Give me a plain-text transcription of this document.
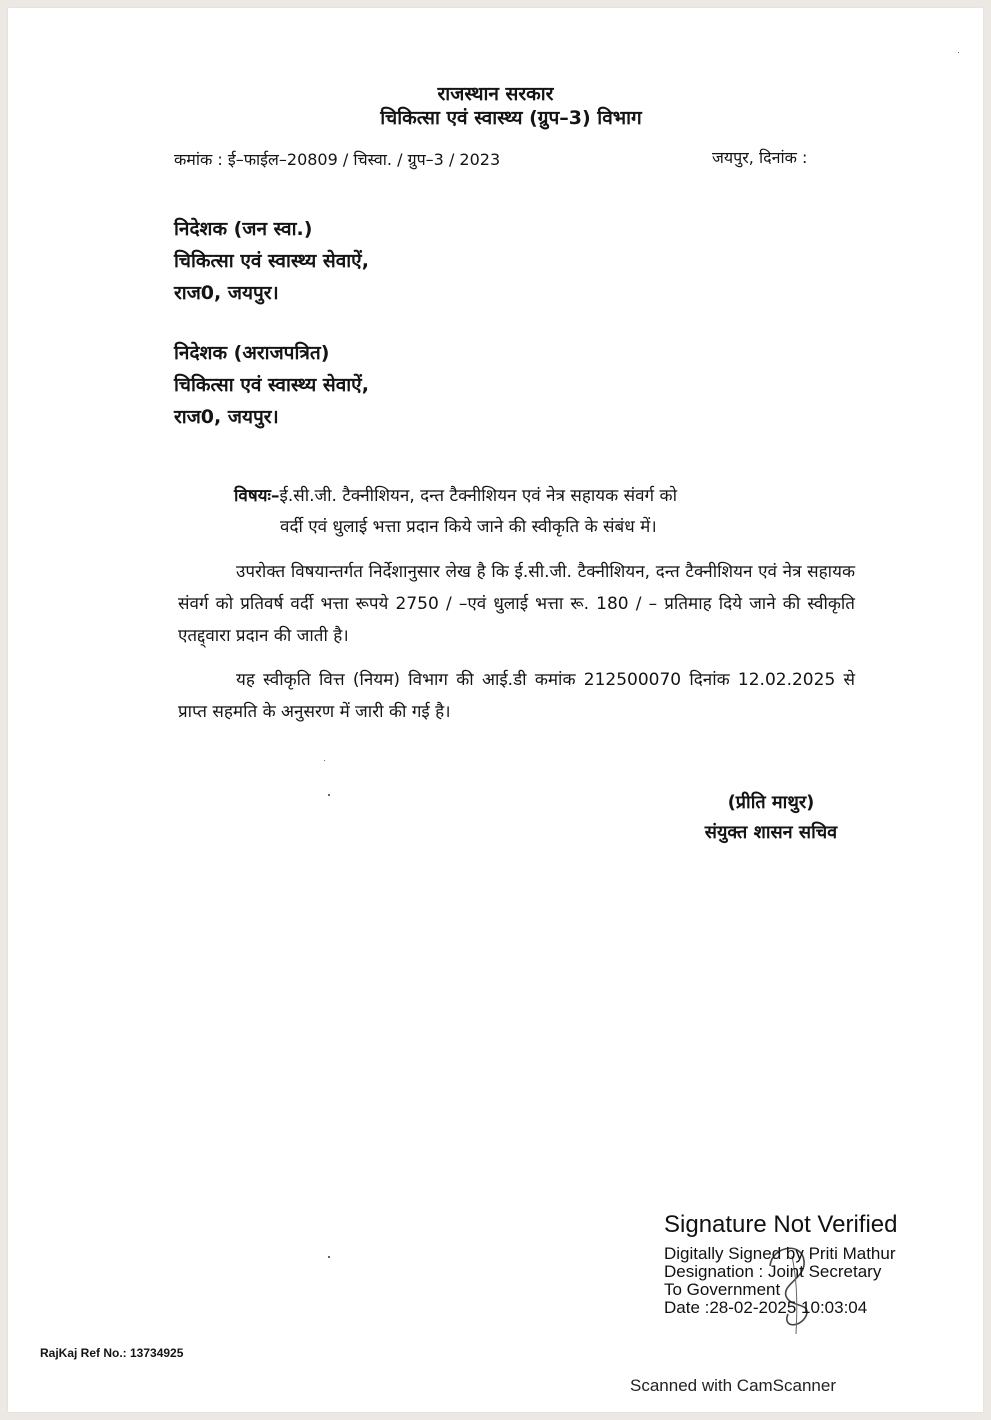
राजस्थान सरकार
चिकित्सा एवं स्वास्थ्य (ग्रुप–3) विभाग
कमांक : ई–फाईल–20809 / चिस्वा. / ग्रुप–3 / 2023	जयपुर, दिनांक :
निदेशक (जन स्वा.)
चिकित्सा एवं स्वास्थ्य सेवाऐं,
राज0, जयपुर।
निदेशक (अराजपत्रित)
चिकित्सा एवं स्वास्थ्य सेवाऐं,
राज0, जयपुर।
विषयः–ई.सी.जी. टैक्नीशियन, दन्त टैक्नीशियन एवं नेत्र सहायक संवर्ग को
वर्दी एवं धुलाई भत्ता प्रदान किये जाने की स्वीकृति के संबंध में।
उपरोक्त विषयान्तर्गत निर्देशानुसार लेख है कि ई.सी.जी. टैक्नीशियन, दन्त टैक्नीशियन एवं नेत्र सहायक संवर्ग को प्रतिवर्ष वर्दी भत्ता रूपये 2750 / –एवं धुलाई भत्ता रू. 180 / – प्रतिमाह दिये जाने की स्वीकृति एतद्द्वारा प्रदान की जाती है।
यह स्वीकृति वित्त (नियम) विभाग की आई.डी कमांक 212500070 दिनांक 12.02.2025 से प्राप्त सहमति के अनुसरण में जारी की गई है।
(प्रीति माथुर)
संयुक्त शासन सचिव
Signature Not Verified
Digitally Signed by Priti Mathur
Designation : Joint Secretary
To Government
Date :28-02-2025 10:03:04
RajKaj Ref No.: 13734925
Scanned with CamScanner
